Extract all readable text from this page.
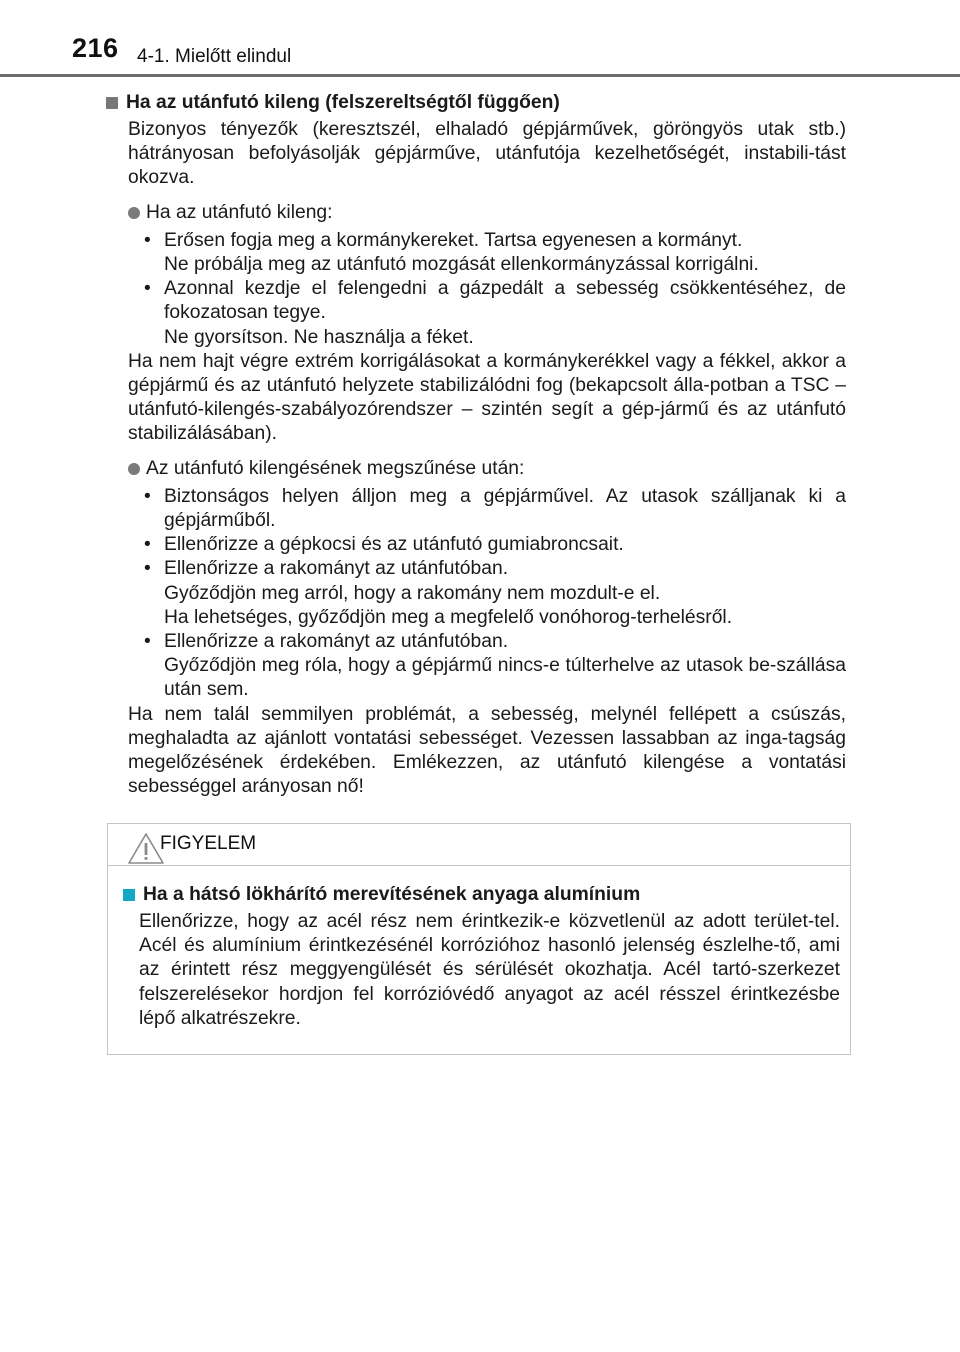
216 4-1. Mielőtt elindul
Ha az utánfutó kileng (felszereltségtől függően)
Bizonyos tényezők (keresztszél, elhaladó gépjárművek, göröngyös utak stb.) hátrányosan befolyásolják gépjárműve, utánfutója kezelhetőségét, instabili-tást okozva.
Ha az utánfutó kileng:
• Erősen fogja meg a kormánykereket. Tartsa egyenesen a kormányt.
Ne próbálja meg az utánfutó mozgását ellenkormányzással korrigálni.
• Azonnal kezdje el felengedni a gázpedált a sebesség csökkentéséhez, de fokozatosan tegye.
Ne gyorsítson. Ne használja a féket.
Ha nem hajt végre extrém korrigálásokat a kormánykerékkel vagy a fékkel, akkor a gépjármű és az utánfutó helyzete stabilizálódni fog (bekapcsolt álla-potban a TSC – utánfutó-kilengés-szabályozórendszer – szintén segít a gép-jármű és az utánfutó stabilizálásában).
Az utánfutó kilengésének megszűnése után:
• Biztonságos helyen álljon meg a gépjárművel. Az utasok szálljanak ki a gépjárműből.
• Ellenőrizze a gépkocsi és az utánfutó gumiabroncsait.
• Ellenőrizze a rakományt az utánfutóban.
Győződjön meg arról, hogy a rakomány nem mozdult-e el.
Ha lehetséges, győződjön meg a megfelelő vonóhorog-terhelésről.
• Ellenőrizze a rakományt az utánfutóban.
Győződjön meg róla, hogy a gépjármű nincs-e túlterhelve az utasok be-szállása után sem.
Ha nem talál semmilyen problémát, a sebesség, melynél fellépett a csúszás, meghaladta az ajánlott vontatási sebességet. Vezessen lassabban az inga-tagság megelőzésének érdekében. Emlékezzen, az utánfutó kilengése a vontatási sebességgel arányosan nő!
FIGYELEM
Ha a hátsó lökhárító merevítésének anyaga alumínium
Ellenőrizze, hogy az acél rész nem érintkezik-e közvetlenül az adott terület-tel. Acél és alumínium érintkezésénél korrózióhoz hasonló jelenség észlelhe-tő, ami az érintett rész meggyengülését és sérülését okozhatja. Acél tartó-szerkezet felszerelésekor hordjon fel korrózióvédő anyagot az acél résszel érintkezésbe lépő alkatrészekre.
